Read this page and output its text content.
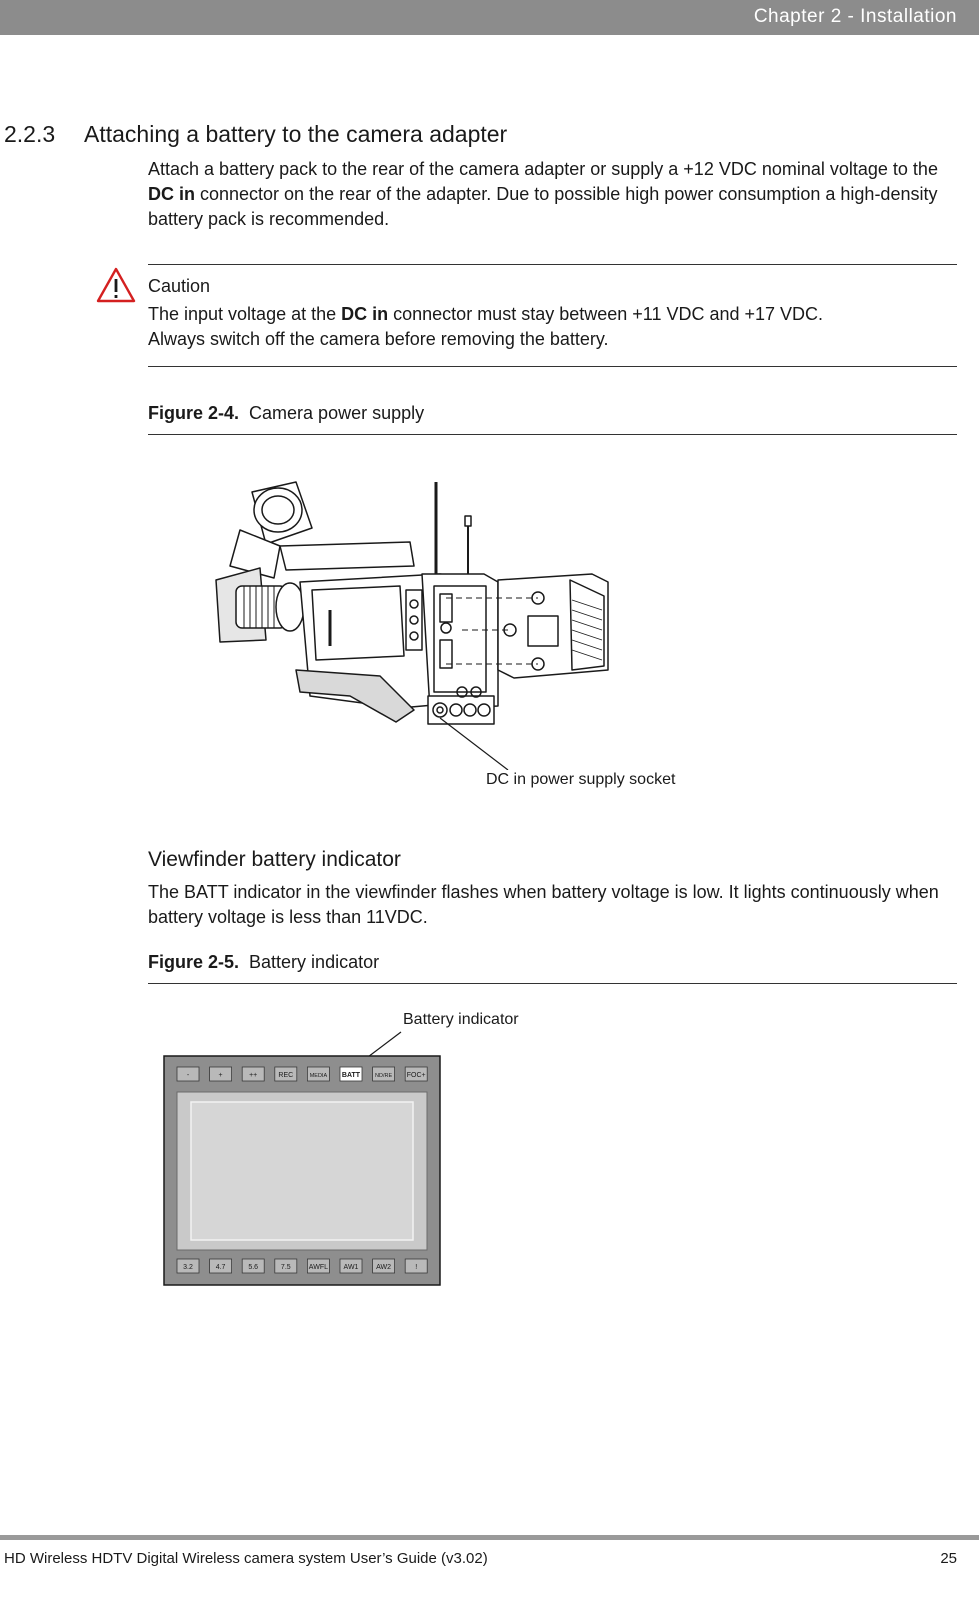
Chapter 2 - Installation
2.2.3 Attaching a battery to the camera adapter
Attach a battery pack to the rear of the camera adapter or supply a +12 VDC nominal voltage to the DC in connector on the rear of the adapter. Due to possible high power consumption a high-density battery pack is recommended.
Caution
The input voltage at the DC in connector must stay between +11 VDC and +17 VDC.
Always switch off the camera before removing the battery.
Figure 2-4. Camera power supply
DC in power supply socket
Viewfinder battery indicator
The BATT indicator in the viewfinder flashes when battery voltage is low. It lights continuously when battery voltage is less than 11VDC.
Figure 2-5. Battery indicator
Battery indicator
-	+	++	REC	MEDIA BATT	ND/RE FOC+
3.2	4.7	5.6	7.5	AWFL AW1	AW2	!
HD Wireless HDTV Digital Wireless camera system User’s Guide (v3.02)	25
